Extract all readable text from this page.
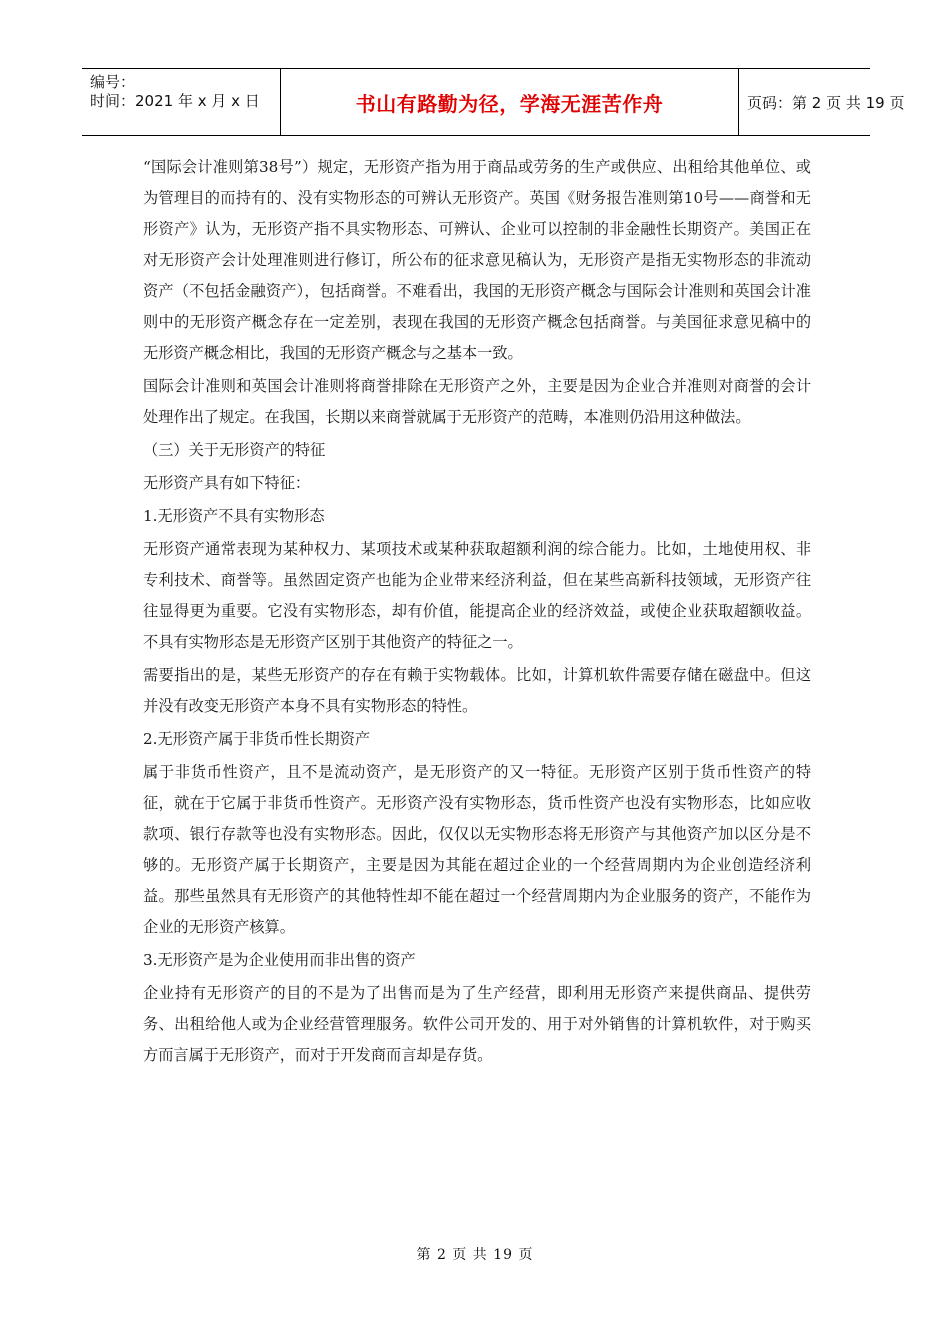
编号：
时间：2021 年 x 月 x 日	书山有路勤为径，学海无涯苦作舟	页码：第 2 页 共 19 页

“国际会计准则第38号”）规定，无形资产指为用于商品或劳务的生产或供应、出租给其他单位、或为管理目的而持有的、没有实物形态的可辨认无形资产。英国《财务报告准则第10号——商誉和无形资产》认为，无形资产指不具实物形态、可辨认、企业可以控制的非金融性长期资产。美国正在对无形资产会计处理准则进行修订，所公布的征求意见稿认为，无形资产是指无实物形态的非流动资产（不包括金融资产），包括商誉。不难看出，我国的无形资产概念与国际会计准则和英国会计准则中的无形资产概念存在一定差别，表现在我国的无形资产概念包括商誉。与美国征求意见稿中的无形资产概念相比，我国的无形资产概念与之基本一致。

国际会计准则和英国会计准则将商誉排除在无形资产之外，主要是因为企业合并准则对商誉的会计处理作出了规定。在我国，长期以来商誉就属于无形资产的范畴，本准则仍沿用这种做法。

（三）关于无形资产的特征

无形资产具有如下特征：

1.无形资产不具有实物形态

无形资产通常表现为某种权力、某项技术或某种获取超额利润的综合能力。比如，土地使用权、非专利技术、商誉等。虽然固定资产也能为企业带来经济利益，但在某些高新科技领域，无形资产往往显得更为重要。它没有实物形态，却有价值，能提高企业的经济效益，或使企业获取超额收益。不具有实物形态是无形资产区别于其他资产的特征之一。

需要指出的是，某些无形资产的存在有赖于实物载体。比如，计算机软件需要存储在磁盘中。但这并没有改变无形资产本身不具有实物形态的特性。

2.无形资产属于非货币性长期资产

属于非货币性资产，且不是流动资产，是无形资产的又一特征。无形资产区别于货币性资产的特征，就在于它属于非货币性资产。无形资产没有实物形态，货币性资产也没有实物形态，比如应收款项、银行存款等也没有实物形态。因此，仅仅以无实物形态将无形资产与其他资产加以区分是不够的。无形资产属于长期资产，主要是因为其能在超过企业的一个经营周期内为企业创造经济利益。那些虽然具有无形资产的其他特性却不能在超过一个经营周期内为企业服务的资产，不能作为企业的无形资产核算。

3.无形资产是为企业使用而非出售的资产

企业持有无形资产的目的不是为了出售而是为了生产经营，即利用无形资产来提供商品、提供劳务、出租给他人或为企业经营管理服务。软件公司开发的、用于对外销售的计算机软件，对于购买方而言属于无形资产，而对于开发商而言却是存货。

第 2 页 共 19 页
